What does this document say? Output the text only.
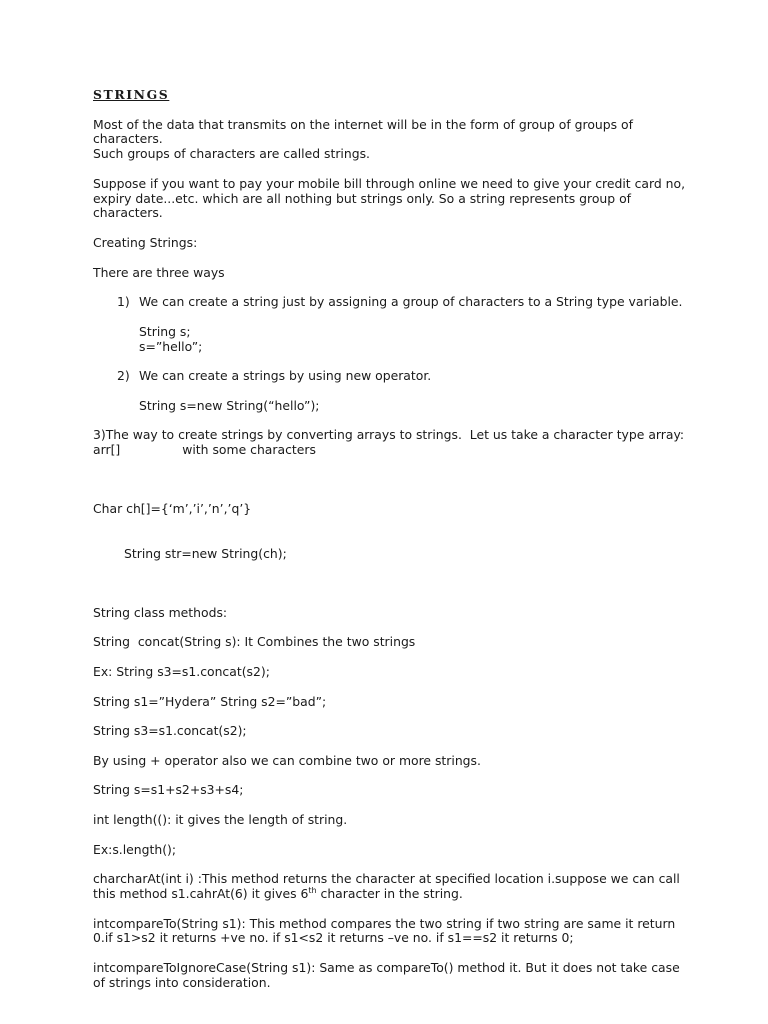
STRINGS
Most of the data that transmits on the internet will be in the form of group of groups of characters.
Such groups of characters are called strings.
Suppose if you want to pay your mobile bill through online we need to give your credit card no, expiry date...etc. which are all nothing but strings only. So a string represents group of characters.
Creating Strings:
There are three ways
1) We can create a string just by assigning a group of characters to a String type variable.
String s;
s=”hello”;
2) We can create a strings by using new operator.
String s=new String(“hello”);
3)The way to create strings by converting arrays to strings.  Let us take a character type array: arr[]	with some characters

Char ch[]={‘m’,’i’,’n’,’q’}

String str=new String(ch);

String class methods:
String  concat(String s): It Combines the two strings
Ex: String s3=s1.concat(s2);
String s1=”Hydera” String s2=”bad”;
String s3=s1.concat(s2);
By using + operator also we can combine two or more strings.
String s=s1+s2+s3+s4;
int length((): it gives the length of string.
Ex:s.length();
charcharAt(int i) :This method returns the character at specified location i.suppose we can call this method s1.cahrAt(6) it gives 6th character in the string.
intcompareTo(String s1): This method compares the two string if two string are same it return 0.if s1>s2 it returns +ve no. if s1<s2 it returns –ve no. if s1==s2 it returns 0;
intcompareToIgnoreCase(String s1): Same as compareTo() method it. But it does not take case of strings into consideration.
